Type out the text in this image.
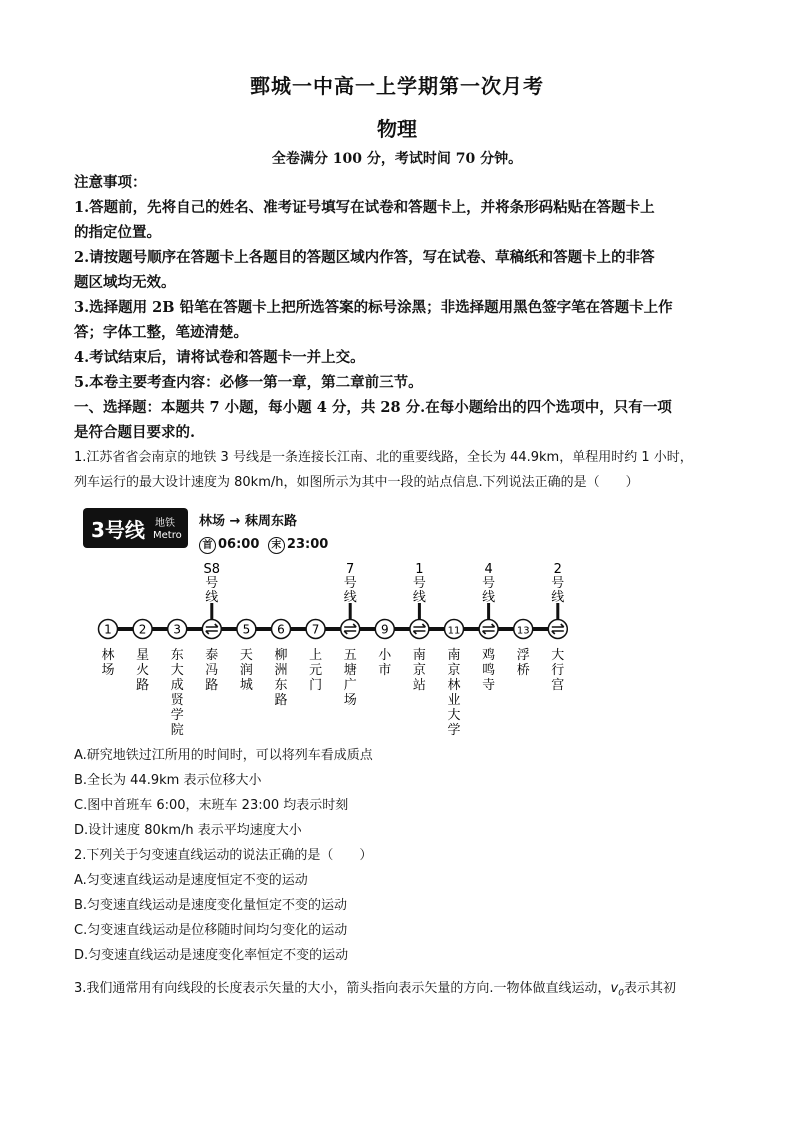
鄄城一中高一上学期第一次月考
物理
全卷满分 100 分，考试时间 70 分钟。
注意事项：
1.答题前，先将自己的姓名、准考证号填写在试卷和答题卡上，并将条形码粘贴在答题卡上
的指定位置。
2.请按题号顺序在答题卡上各题目的答题区域内作答，写在试卷、草稿纸和答题卡上的非答
题区域均无效。
3.选择题用 2B 铅笔在答题卡上把所选答案的标号涂黑；非选择题用黑色签字笔在答题卡上作
答；字体工整，笔迹清楚。
4.考试结束后，请将试卷和答题卡一并上交。
5.本卷主要考查内容：必修一第一章，第二章前三节。
一、选择题：本题共 7 小题，每小题 4 分，共 28 分.在每小题给出的四个选项中，只有一项
是符合题目要求的.
1.江苏省省会南京的地铁 3 号线是一条连接长江南、北的重要线路，全长为 44.9km，单程用时约 1 小时，
列车运行的最大设计速度为 80km/h，如图所示为其中一段的站点信息.下列说法正确的是（　　）
1
林
场
2
星
火
路
3
东
大
成
贤
学
院
S8
号
线
泰
冯
路
5
天
润
城
6
柳
洲
东
路
7
上
元
门
7
号
线
五
塘
广
场
9
小
市
1
号
线
南
京
站
11
南
京
林
业
大
学
4
号
线
鸡
鸣
寺
13
浮
桥
2
号
线
大
行
宫
3号线 地铁
Metro
林场 → 秣周东路
首 06:00 末 23:00
A.研究地铁过江所用的时间时，可以将列车看成质点
B.全长为 44.9km 表示位移大小
C.图中首班车 6:00，末班车 23:00 均表示时刻
D.设计速度 80km/h 表示平均速度大小
2.下列关于匀变速直线运动的说法正确的是（　　）
A.匀变速直线运动是速度恒定不变的运动
B.匀变速直线运动是速度变化量恒定不变的运动
C.匀变速直线运动是位移随时间均匀变化的运动
D.匀变速直线运动是速度变化率恒定不变的运动
3.我们通常用有向线段的长度表示矢量的大小，箭头指向表示矢量的方向.一物体做直线运动，$v_0$表示其初
